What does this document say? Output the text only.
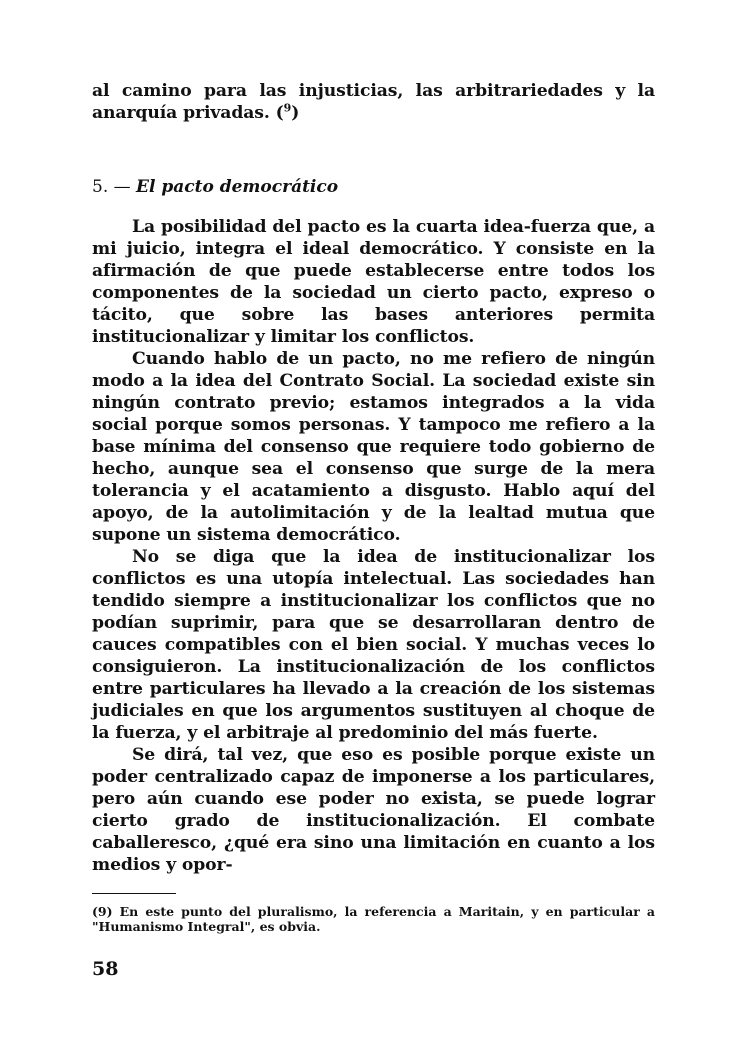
al camino para las injusticias, las arbitrariedades y la anarquía privadas. ($^9$)

5. — El pacto democrático

La posibilidad del pacto es la cuarta idea-fuerza que, a mi juicio, integra el ideal democrático. Y consiste en la afirmación de que puede establecerse entre todos los componentes de la sociedad un cierto pacto, expreso o tácito, que sobre las bases anteriores permita institucionalizar y limitar los conflictos.

Cuando hablo de un pacto, no me refiero de ningún modo a la idea del Contrato Social. La sociedad existe sin ningún contrato previo; estamos integrados a la vida social porque somos personas. Y tampoco me refiero a la base mínima del consenso que requiere todo gobierno de hecho, aunque sea el consenso que surge de la mera tolerancia y el acatamiento a disgusto. Hablo aquí del apoyo, de la autolimitación y de la lealtad mutua que supone un sistema democrático.

No se diga que la idea de institucionalizar los conflictos es una utopía intelectual. Las sociedades han tendido siempre a institucionalizar los conflictos que no podían suprimir, para que se desarrollaran dentro de cauces compatibles con el bien social. Y muchas veces lo consiguieron. La institucionalización de los conflictos entre particulares ha llevado a la creación de los sistemas judiciales en que los argumentos sustituyen al choque de la fuerza, y el arbitraje al predominio del más fuerte.

Se dirá, tal vez, que eso es posible porque existe un poder centralizado capaz de imponerse a los particulares, pero aún cuando ese poder no exista, se puede lograr cierto grado de institucionalización. El combate caballeresco, ¿qué era sino una limitación en cuanto a los medios y opor-

(9) En este punto del pluralismo, la referencia a Maritain, y en particular a "Humanismo Integral", es obvia.

58
